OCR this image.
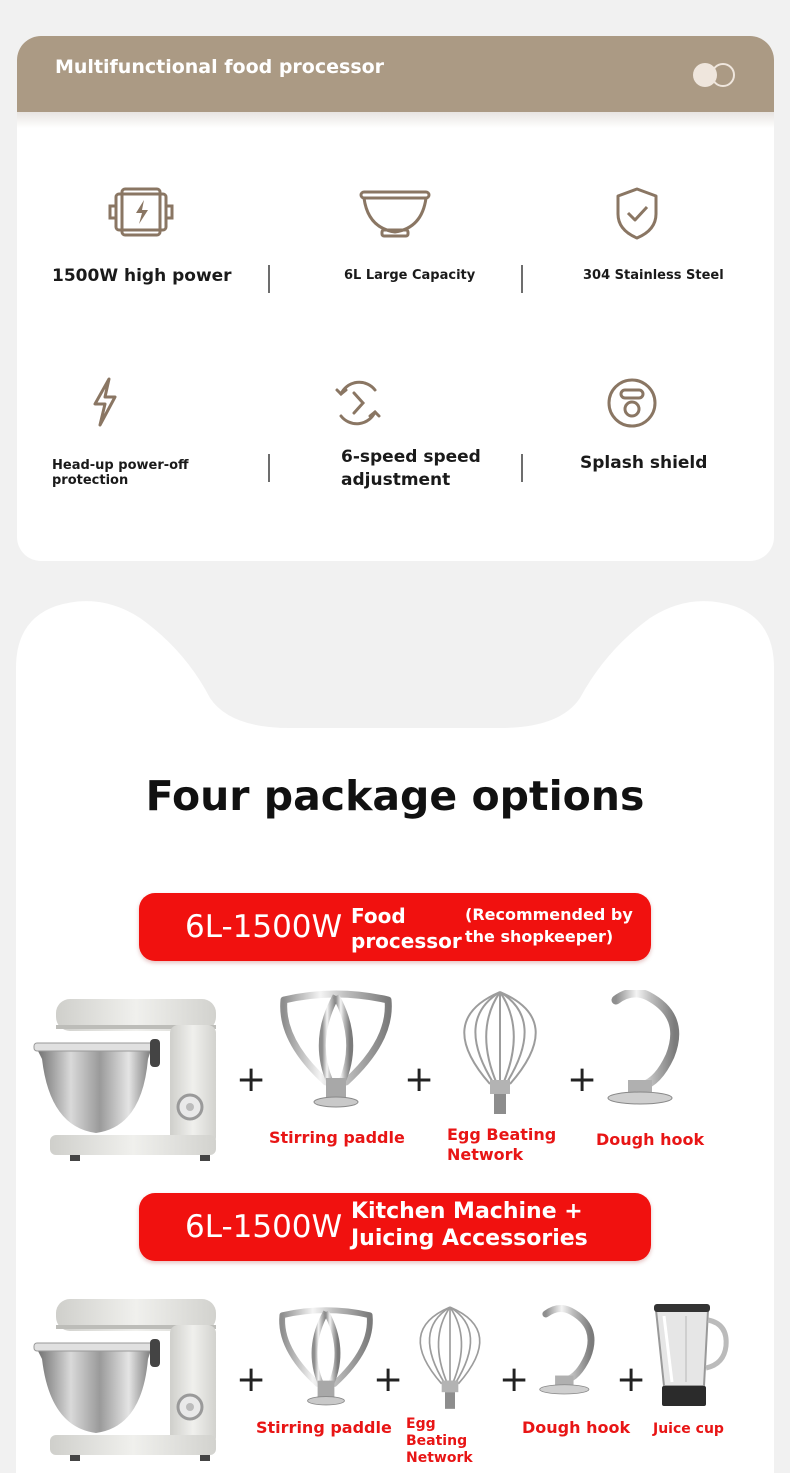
Multifunctional food processor
1500W high power	6L Large Capacity	304 Stainless Steel
Head-up power-off protection
6-speed speed adjustment
Splash shield
Four package options
6L-1500W Food processor
(Recommended by the shopkeeper)
+	+	+
Stirring paddle	Egg Beating Network
Dough hook
6L-1500W Kitchen Machine + Juicing Accessories
+	+	+ +
Stirring paddle Egg Beating Network
Dough hook Juice cup
